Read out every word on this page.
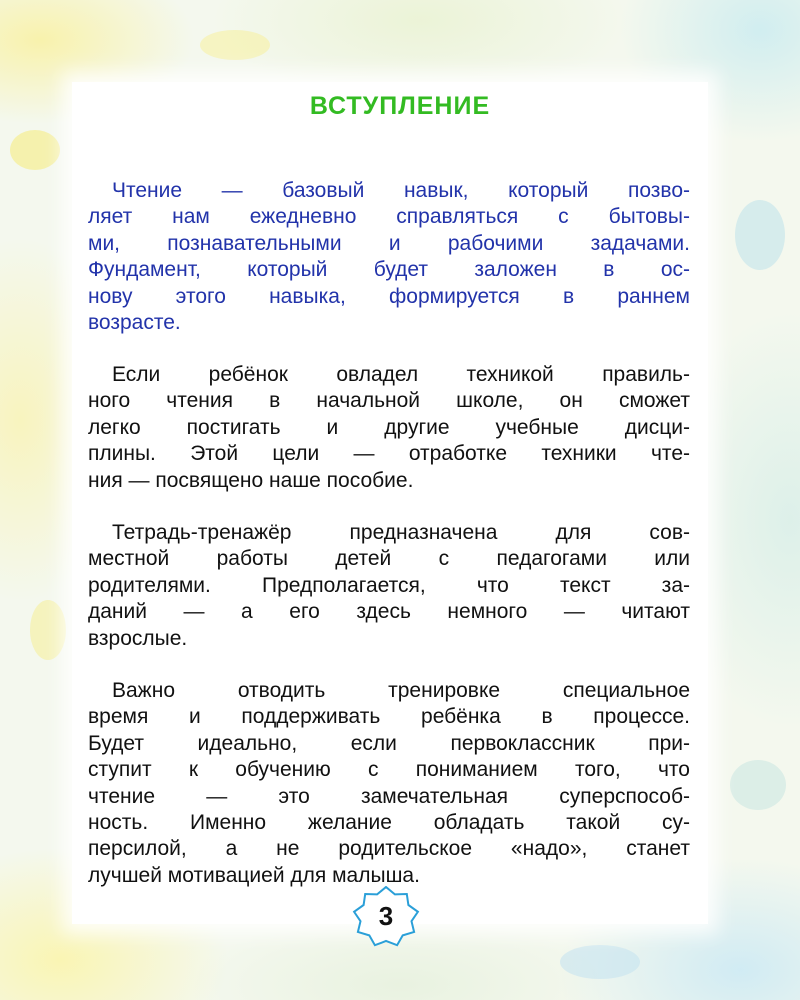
ВСТУПЛЕНИЕ
Чтение — базовый навык, который позво-
ляет нам ежедневно справляться с бытовы-
ми, познавательными и рабочими задачами.
Фундамент, который будет заложен в ос-
нову этого навыка, формируется в раннем
возрасте.
Если ребёнок овладел техникой правиль-
ного чтения в начальной школе, он сможет
легко постигать и другие учебные дисци-
плины. Этой цели — отработке техники чте-
ния — посвящено наше пособие.
Тетрадь-тренажёр предназначена для сов-
местной работы детей с педагогами или
родителями. Предполагается, что текст за-
даний — а его здесь немного — читают
взрослые.
Важно отводить тренировке специальное
время и поддерживать ребёнка в процессе.
Будет идеально, если первоклассник при-
ступит к обучению с пониманием того, что
чтение — это замечательная суперспособ-
ность. Именно желание обладать такой су-
персилой, а не родительское «надо», станет
лучшей мотивацией для малыша.
3
